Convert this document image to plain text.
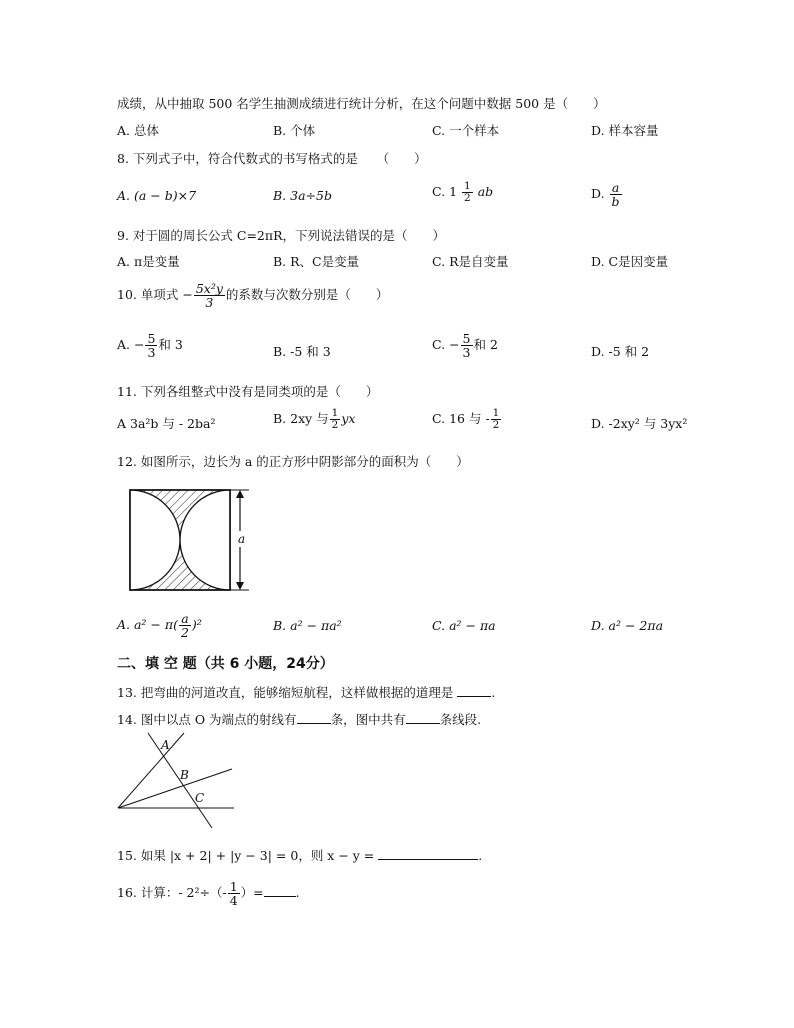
成绩，从中抽取 500 名学生抽测成绩进行统计分析，在这个问题中数据 500 是（　　）
A. 总体	B. 个体	C. 一个样本	D. 样本容量
8. 下列式子中，符合代数式的书写格式的是　　（　　）
A. (a − b)×7	B. 3a÷5b	C. $1 \frac{1}{2}$ ab	D. $\frac{a}{b}$
9. 对于圆的周长公式 C=2πR，下列说法错误的是（　　）
A. π是变量	B. R、C是变量	C. R是自变量	D. C是因变量
10. 单项式 − $\frac{\text{5x²y}}{3}$ 的系数与次数分别是（　　）
A. − $\frac{5}{3}$ 和 3	B. -5 和 3	C. − $\frac{5}{3}$ 和 2	D. -5 和 2
11. 下列各组整式中没有是同类项的是（　　）
A 3a²b 与 - 2ba²	B. 2xy 与 $\frac{1}{2}$ yx	C. 16 与 - $\frac{1}{2}$	D. -2xy² 与 3yx²
12. 如图所示，边长为 a 的正方形中阴影部分的面积为（　　）
a
A. $a^2 - \pi( \frac{a}{2} )^2$	B. a² − πa²	C. a² − πa	D. a² − 2πa
二、填 空 题（共 6 小题，24分）
13. 把弯曲的河道改直，能够缩短航程，这样做根据的道理是	.
14. 图中以点 O 为端点的射线有	条，图中共有	条线段.
A
B
C
15. 如果 |x + 2| + |y − 3| = 0，则 x − y =	.
16. 计算：- $2^2\div(- \frac{1}{4}$ ）=	.
